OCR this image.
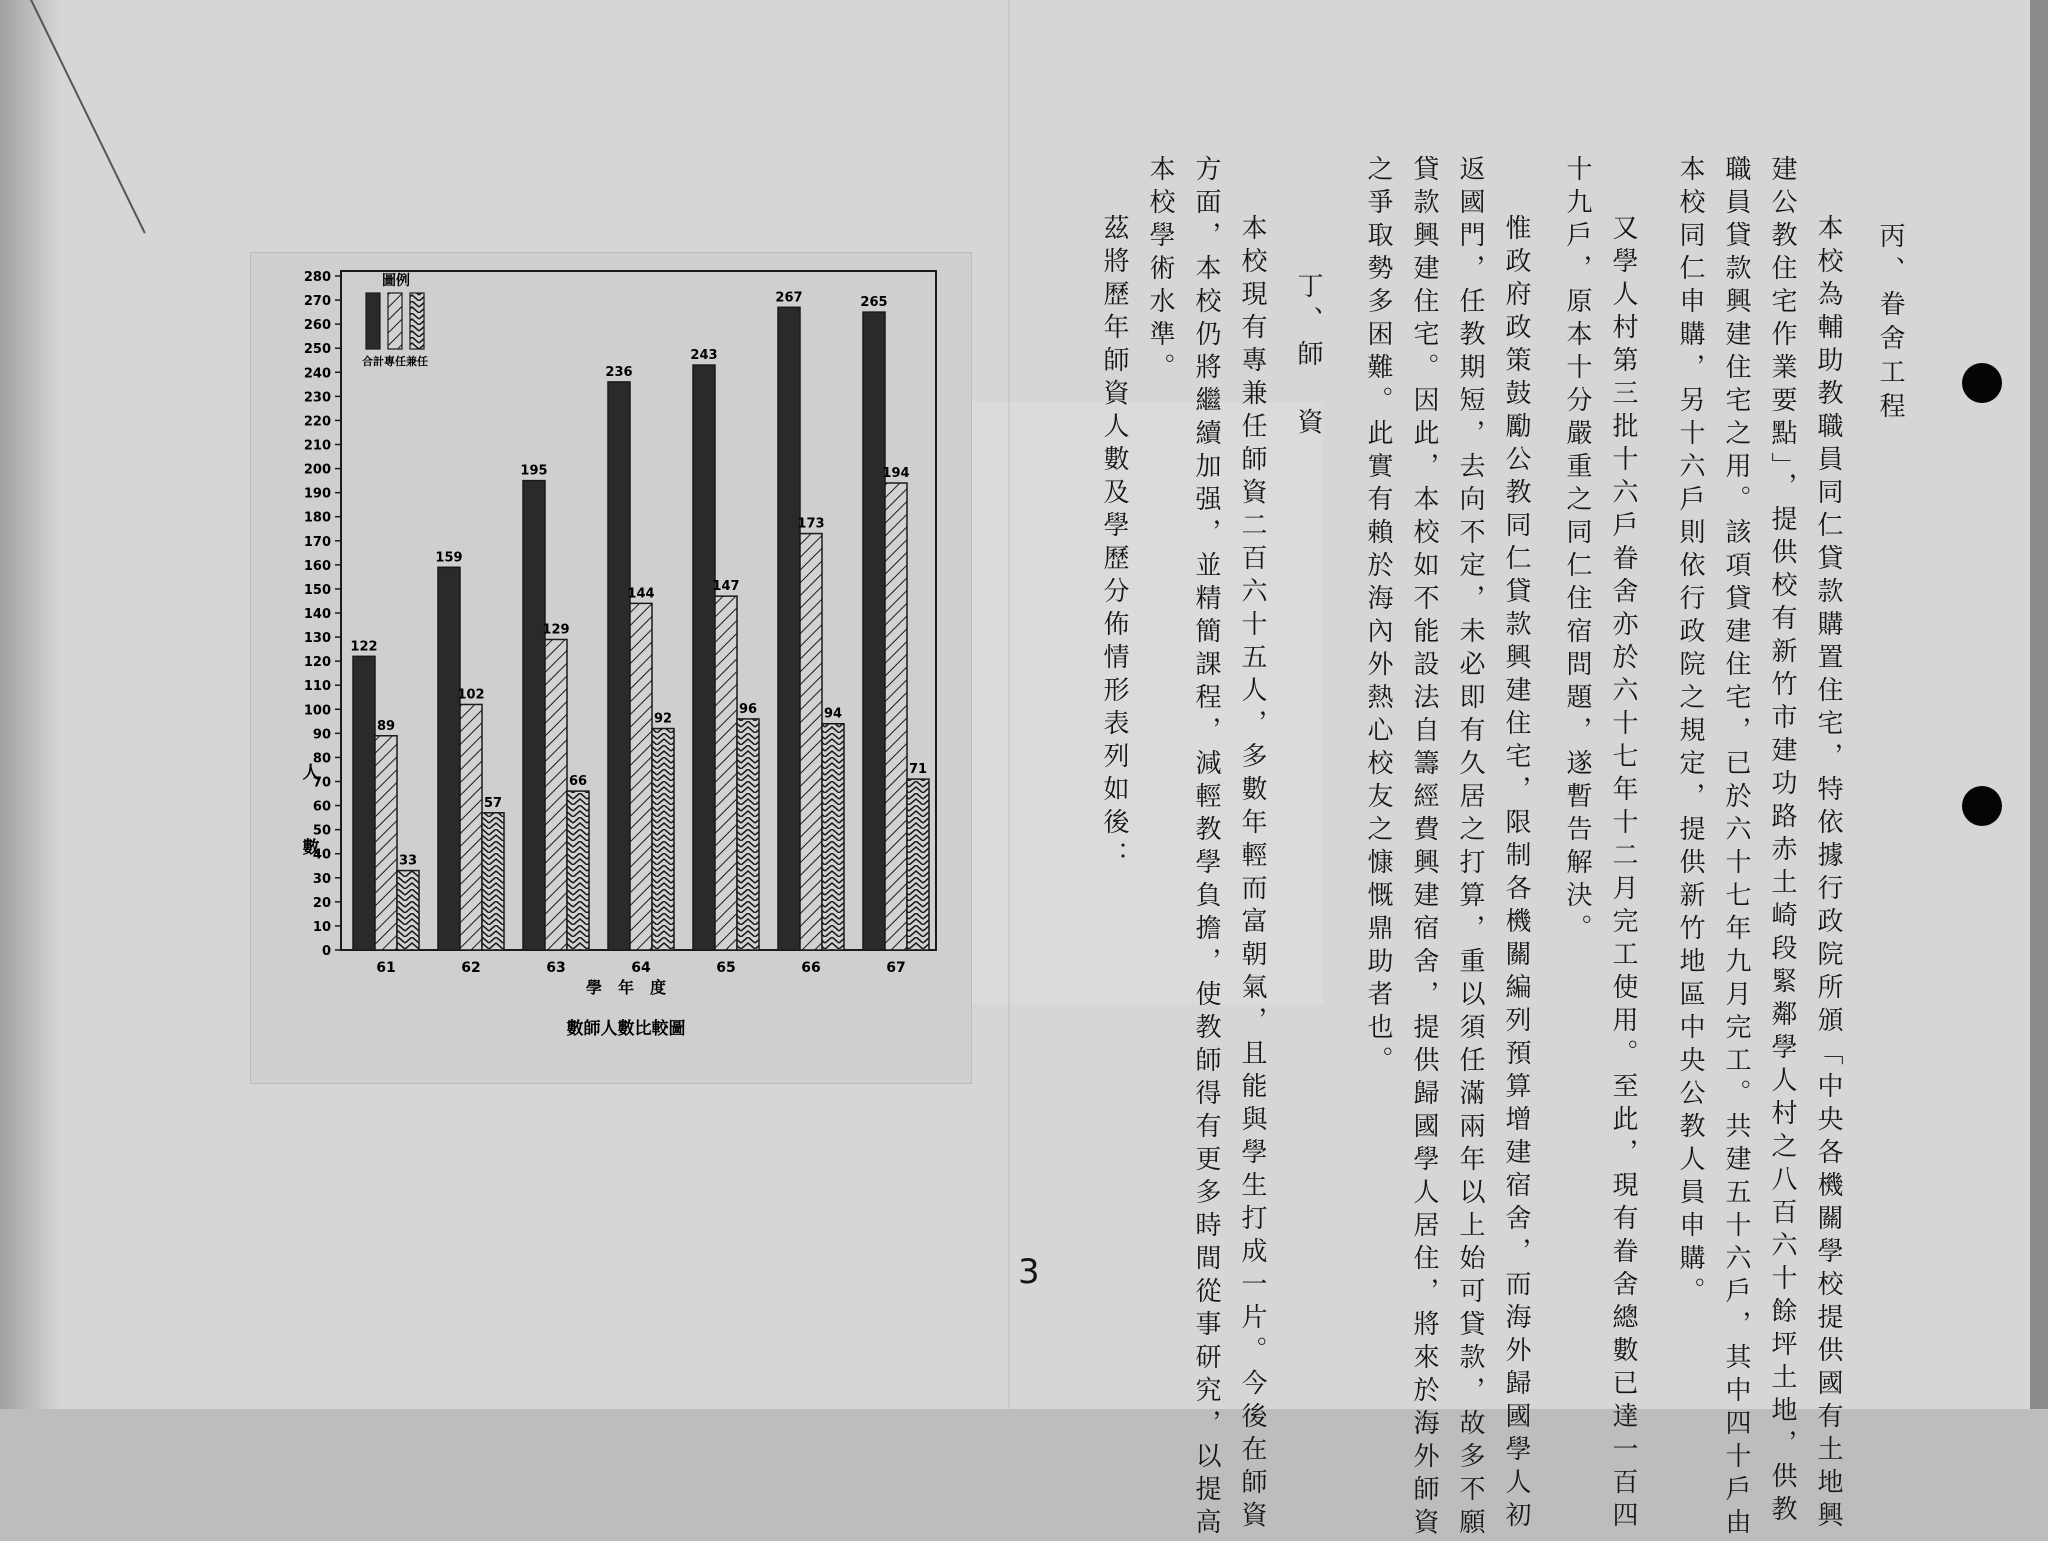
丙、眷舍工程
本校為輔助教職員同仁貸款購置住宅，特依據行政院所頒「中央各機關學校提供國有土地興
建公教住宅作業要點」，提供校有新竹市建功路赤土崎段緊鄰學人村之八百六十餘坪土地，供教
職員貸款興建住宅之用。該項貸建住宅，已於六十七年九月完工。共建五十六戶，其中四十戶由
本校同仁申購，另十六戶則依行政院之規定，提供新竹地區中央公教人員申購。
又學人村第三批十六戶眷舍亦於六十七年十二月完工使用。至此，現有眷舍總數已達一百四
十九戶，原本十分嚴重之同仁住宿問題，遂暫告解決。
惟政府政策鼓勵公教同仁貸款興建住宅，限制各機關編列預算增建宿舍，而海外歸國學人初
返國門，任教期短，去向不定，未必即有久居之打算，重以須任滿兩年以上始可貸款，故多不願
貸款興建住宅。因此，本校如不能設法自籌經費興建宿舍，提供歸國學人居住，將來於海外師資
之爭取勢多困難。此實有賴於海內外熱心校友之慷慨鼎助者也。
丁、師　資
本校現有專兼任師資二百六十五人，多數年輕而富朝氣，且能與學生打成一片。今後在師資
方面，本校仍將繼續加强，並精簡課程，減輕教學負擔，使教師得有更多時間從事研究，以提高
本校學術水準。
茲將歷年師資人數及學歷分佈情形表列如後：
3
0
10
20
30
40
50
60
70
80
90
100
110
120
130
140
150
160
170
180
190
200
210
220
230
240
250
260
270
280
122
89
33
61
159
102
57
62
195
129
66
63
236
144
92
64
243
147
96
65
267
173
94
66
265
194
71
67
圖例
合計 專任 兼任
人
數
學　年　度
數師人數比較圖
